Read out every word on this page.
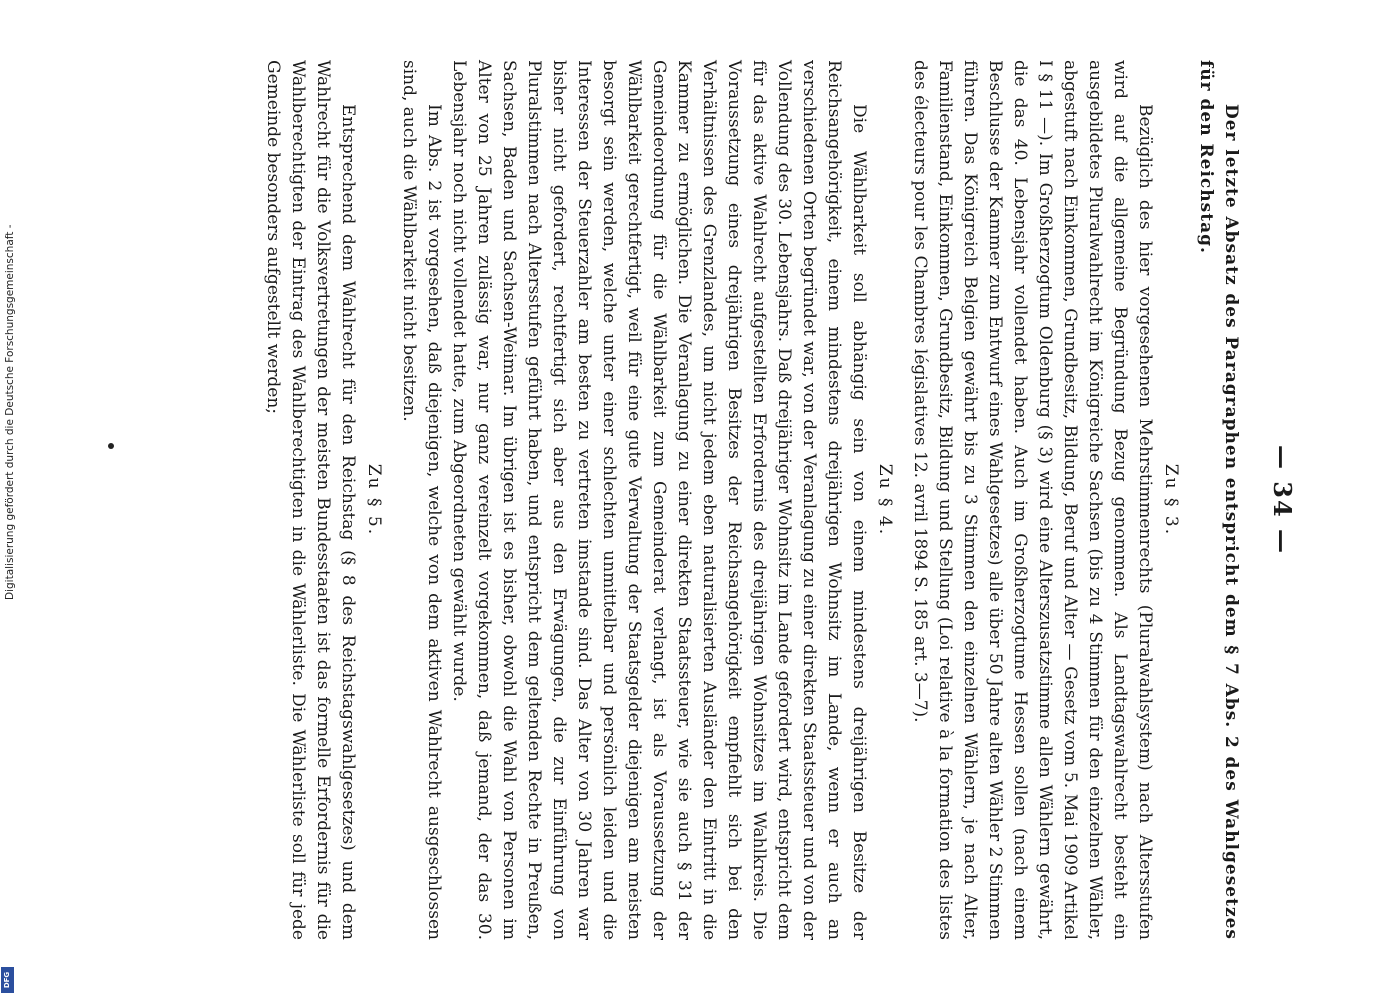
— 34 —

Der letzte Absatz des Paragraphen entspricht dem § 7 Abs. 2 des Wahlgesetzes für den Reichstag.

Zu § 3.

Bezüglich des hier vorgesehenen Mehrstimmenrechts (Pluralwahlsystem) nach Altersstufen wird auf die allgemeine Begründung Bezug genommen. Als Landtagswahlrecht besteht ein ausgebildetes Pluralwahlrecht im Königreiche Sachsen (bis zu 4 Stimmen für den einzelnen Wähler, abgestuft nach Einkommen, Grundbesitz, Bildung, Beruf und Alter — Gesetz vom 5. Mai 1909 Artikel I § 11 —). Im Großherzogtum Oldenburg (§ 3) wird eine Alterszusatzstimme allen Wählern gewährt, die das 40. Lebensjahr vollendet haben. Auch im Großherzogtume Hessen sollen (nach einem Beschlusse der Kammer zum Entwurf eines Wahlgesetzes) alle über 50 Jahre alten Wähler 2 Stimmen führen. Das Königreich Belgien gewährt bis zu 3 Stimmen den einzelnen Wählern, je nach Alter, Familienstand, Einkommen, Grundbesitz, Bildung und Stellung (Loi relative à la formation des listes des électeurs pour les Chambres législatives 12. avril 1894 S. 185 art. 3—7).

Zu § 4.

Die Wählbarkeit soll abhängig sein von einem mindestens dreijährigen Besitze der Reichsangehörigkeit, einem mindestens dreijährigen Wohnsitz im Lande, wenn er auch an verschiedenen Orten begründet war, von der Veranlagung zu einer direkten Staatssteuer und von der Vollendung des 30. Lebensjahrs. Daß dreijähriger Wohnsitz im Lande gefordert wird, entspricht dem für das aktive Wahlrecht aufgestellten Erfordernis des dreijährigen Wohnsitzes im Wahlkreis. Die Voraussetzung eines dreijährigen Besitzes der Reichsangehörigkeit empfiehlt sich bei den Verhältnissen des Grenzlandes, um nicht jedem eben naturalisierten Ausländer den Eintritt in die Kammer zu ermöglichen. Die Veranlagung zu einer direkten Staatssteuer, wie sie auch § 31 der Gemeindeordnung für die Wählbarkeit zum Gemeinderat verlangt, ist als Voraussetzung der Wählbarkeit gerechtfertigt, weil für eine gute Verwaltung der Staatsgelder diejenigen am meisten besorgt sein werden, welche unter einer schlechten unmittelbar und persönlich leiden und die Interessen der Steuerzahler am besten zu vertreten imstande sind. Das Alter von 30 Jahren war bisher nicht gefordert, rechtfertigt sich aber aus den Erwägungen, die zur Einführung von Pluralstimmen nach Altersstufen geführt haben, und entspricht dem geltenden Rechte in Preußen, Sachsen, Baden und Sachsen-Weimar. Im übrigen ist es bisher, obwohl die Wahl von Personen im Alter von 25 Jahren zulässig war, nur ganz vereinzelt vorgekommen, daß jemand, der das 30. Lebensjahr noch nicht vollendet hatte, zum Abgeordneten gewählt wurde.

Im Abs. 2 ist vorgesehen, daß diejenigen, welche von dem aktiven Wahlrecht ausgeschlossen sind, auch die Wählbarkeit nicht besitzen.

Zu § 5.

Entsprechend dem Wahlrecht für den Reichstag (§ 8 des Reichstagswahlgesetzes) und dem Wahlrecht für die Volksvertretungen der meisten Bundesstaaten ist das formelle Erfordernis für die Wahlberechtigten der Eintrag des Wahlberechtigten in die Wählerliste. Die Wählerliste soll für jede Gemeinde besonders aufgestellt werden;

Digitalisierung gefördert durch die Deutsche Forschungsgemeinschaft -
DFG
